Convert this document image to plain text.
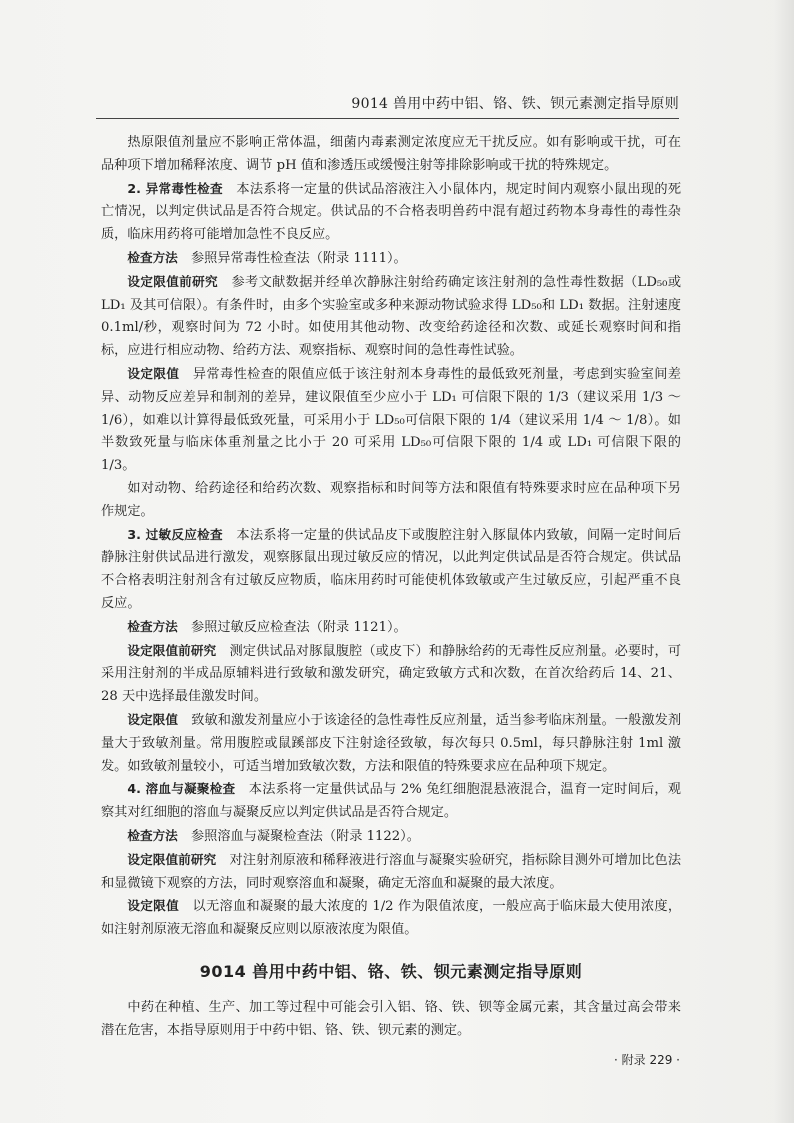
9014 兽用中药中铝、铬、铁、钡元素测定指导原则

热原限值剂量应不影响正常体温，细菌内毒素测定浓度应无干扰反应。如有影响或干扰，可在品种项下增加稀释浓度、调节 pH 值和渗透压或缓慢注射等排除影响或干扰的特殊规定。

2. 异常毒性检查  本法系将一定量的供试品溶液注入小鼠体内，规定时间内观察小鼠出现的死亡情况，以判定供试品是否符合规定。供试品的不合格表明兽药中混有超过药物本身毒性的毒性杂质，临床用药将可能增加急性不良反应。

检查方法  参照异常毒性检查法（附录 1111）。

设定限值前研究  参考文献数据并经单次静脉注射给药确定该注射剂的急性毒性数据（LD₅₀或 LD₁ 及其可信限）。有条件时，由多个实验室或多种来源动物试验求得 LD₅₀和 LD₁ 数据。注射速度 0.1ml/秒，观察时间为 72 小时。如使用其他动物、改变给药途径和次数、或延长观察时间和指标，应进行相应动物、给药方法、观察指标、观察时间的急性毒性试验。

设定限值  异常毒性检查的限值应低于该注射剂本身毒性的最低致死剂量，考虑到实验室间差异、动物反应差异和制剂的差异，建议限值至少应小于 LD₁ 可信限下限的 1/3（建议采用 1/3 ～ 1/6），如难以计算得最低致死量，可采用小于 LD₅₀可信限下限的 1/4（建议采用 1/4 ～ 1/8）。如半数致死量与临床体重剂量之比小于 20 可采用 LD₅₀可信限下限的 1/4 或 LD₁ 可信限下限的 1/3。

如对动物、给药途径和给药次数、观察指标和时间等方法和限值有特殊要求时应在品种项下另作规定。

3. 过敏反应检查  本法系将一定量的供试品皮下或腹腔注射入豚鼠体内致敏，间隔一定时间后静脉注射供试品进行激发，观察豚鼠出现过敏反应的情况，以此判定供试品是否符合规定。供试品不合格表明注射剂含有过敏反应物质，临床用药时可能使机体致敏或产生过敏反应，引起严重不良反应。

检查方法  参照过敏反应检查法（附录 1121）。

设定限值前研究  测定供试品对豚鼠腹腔（或皮下）和静脉给药的无毒性反应剂量。必要时，可采用注射剂的半成品原辅料进行致敏和激发研究，确定致敏方式和次数，在首次给药后 14、21、28 天中选择最佳激发时间。

设定限值  致敏和激发剂量应小于该途径的急性毒性反应剂量，适当参考临床剂量。一般激发剂量大于致敏剂量。常用腹腔或鼠蹊部皮下注射途径致敏，每次每只 0.5ml，每只静脉注射 1ml 激发。如致敏剂量较小，可适当增加致敏次数，方法和限值的特殊要求应在品种项下规定。

4. 溶血与凝聚检查  本法系将一定量供试品与 2% 兔红细胞混悬液混合，温育一定时间后，观察其对红细胞的溶血与凝聚反应以判定供试品是否符合规定。

检查方法  参照溶血与凝聚检查法（附录 1122）。

设定限值前研究  对注射剂原液和稀释液进行溶血与凝聚实验研究，指标除目测外可增加比色法和显微镜下观察的方法，同时观察溶血和凝聚，确定无溶血和凝聚的最大浓度。

设定限值  以无溶血和凝聚的最大浓度的 1/2 作为限值浓度，一般应高于临床最大使用浓度，如注射剂原液无溶血和凝聚反应则以原液浓度为限值。

9014 兽用中药中铝、铬、铁、钡元素测定指导原则

中药在种植、生产、加工等过程中可能会引入铝、铬、铁、钡等金属元素，其含量过高会带来潜在危害，本指导原则用于中药中铝、铬、铁、钡元素的测定。

· 附录 229 ·
